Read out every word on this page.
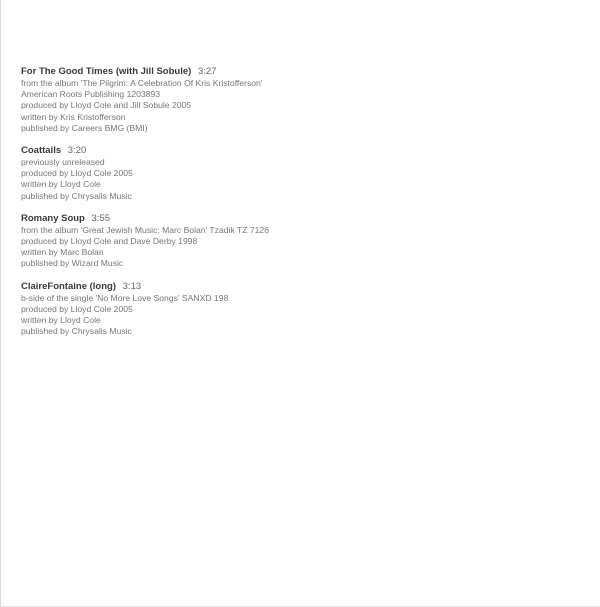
For The Good Times (with Jill Sobule) 3:27
from the album 'The Pilgrim: A Celebration Of Kris Kristofferson'
American Roots Publishing 1203893
produced by Lloyd Cole and Jill Sobule 2005
written by Kris Kristofferson
published by Careers BMG (BMI)
Coattails 3:20
previously unreleased
produced by Lloyd Cole 2005
written by Lloyd Cole
published by Chrysalis Music
Romany Soup 3:55
from the album 'Great Jewish Music: Marc Bolan' Tzadik TZ 7126
produced by Lloyd Cole and Dave Derby 1998
written by Marc Bolan
published by Wizard Music
ClaireFontaine (long) 3:13
b-side of the single 'No More Love Songs' SANXD 198
produced by Lloyd Cole 2005
written by Lloyd Cole
published by Chrysalis Music
